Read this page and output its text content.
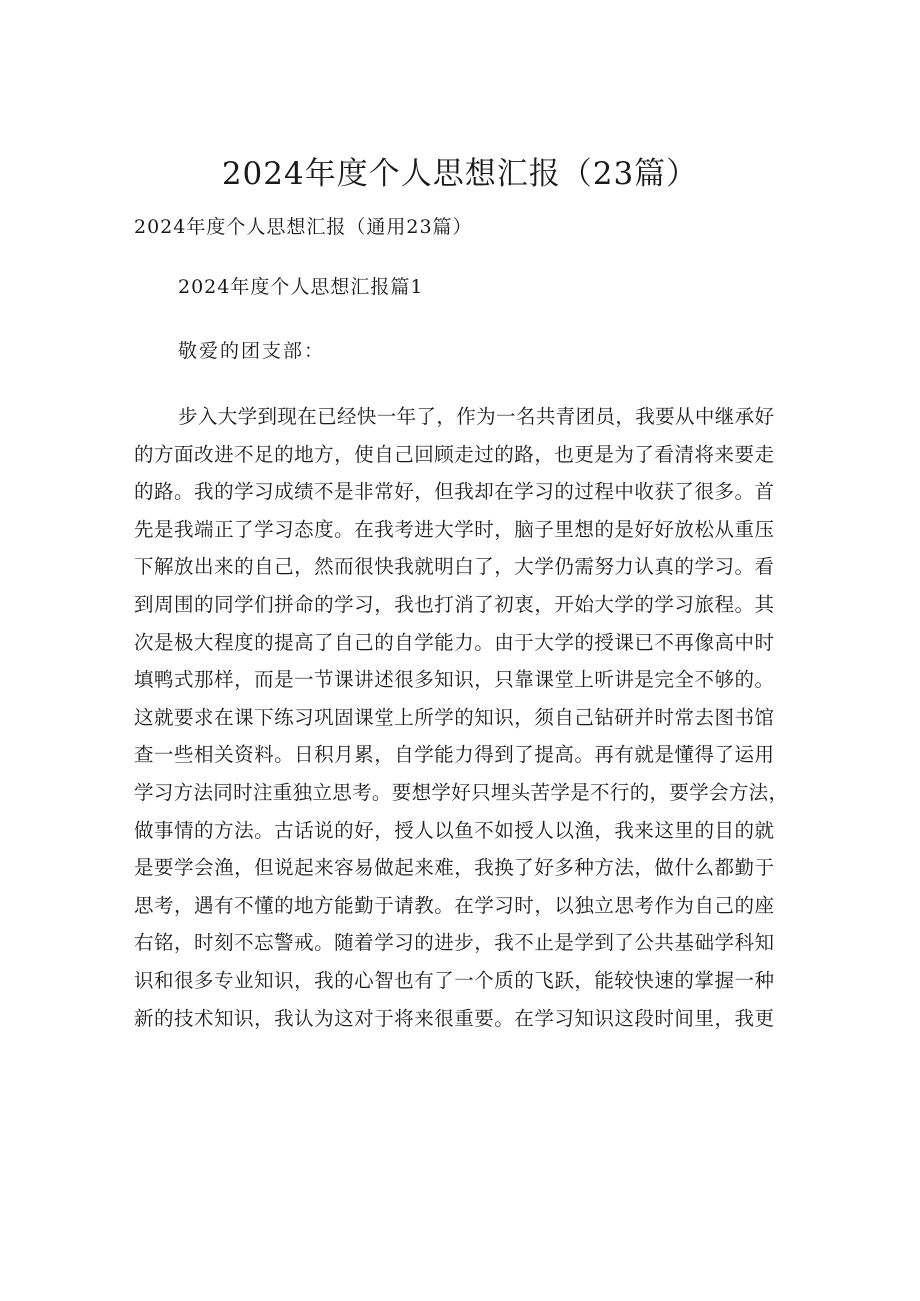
2024年度个人思想汇报（23篇）
2024年度个人思想汇报（通用23篇）
2024年度个人思想汇报篇1
敬爱的团支部：
步入大学到现在已经快一年了，作为一名共青团员，我要从中继承好
的方面改进不足的地方，使自己回顾走过的路，也更是为了看清将来要走
的路。我的学习成绩不是非常好，但我却在学习的过程中收获了很多。首
先是我端正了学习态度。在我考进大学时，脑子里想的是好好放松从重压
下解放出来的自己，然而很快我就明白了，大学仍需努力认真的学习。看
到周围的同学们拼命的学习，我也打消了初衷，开始大学的学习旅程。其
次是极大程度的提高了自己的自学能力。由于大学的授课已不再像高中时
填鸭式那样，而是一节课讲述很多知识，只靠课堂上听讲是完全不够的。
这就要求在课下练习巩固课堂上所学的知识，须自己钻研并时常去图书馆
查一些相关资料。日积月累，自学能力得到了提高。再有就是懂得了运用
学习方法同时注重独立思考。要想学好只埋头苦学是不行的，要学会方法，
做事情的方法。古话说的好，授人以鱼不如授人以渔，我来这里的目的就
是要学会渔，但说起来容易做起来难，我换了好多种方法，做什么都勤于
思考，遇有不懂的地方能勤于请教。在学习时，以独立思考作为自己的座
右铭，时刻不忘警戒。随着学习的进步，我不止是学到了公共基础学科知
识和很多专业知识，我的心智也有了一个质的飞跃，能较快速的掌握一种
新的技术知识，我认为这对于将来很重要。在学习知识这段时间里，我更
